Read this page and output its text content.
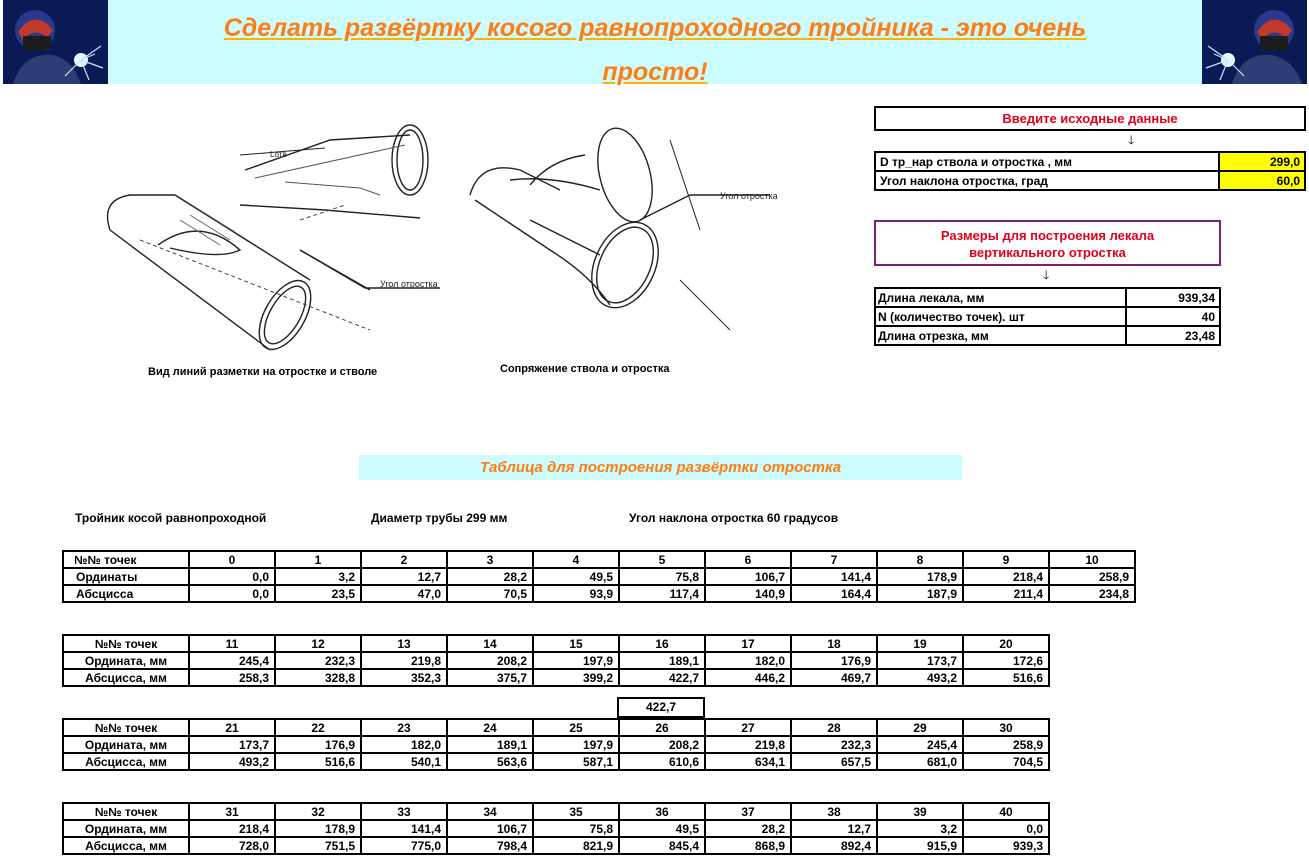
Сделать развёртку косого равнопроходного тройника - это очень
просто!
Угол отростка
Угол отростка
Lотв
Вид линий разметки на отростке и стволе	Сопряжение ствола и отростка
Введите исходные данные
🡓
D тр_нар ствола и отростка , мм	299,0
Угол наклона отростка, град	60,0
Размеры для построения лекала
вертикального отростка
🡓
Длина лекала, мм	939,34
N (количество точек). шт	40
Длина отрезка, мм	23,48
Таблица для построения развёртки отростка
Тройник косой равнопроходной	Диаметр трубы 299 мм	Угол наклона отростка 60 градусов
№№ точек	0	1	2	3	4	5	6	7	8	9	10
Ординаты	0,0	3,2	12,7	28,2	49,5	75,8	106,7	141,4	178,9	218,4	258,9
Абсцисса	0,0	23,5	47,0	70,5	93,9	117,4	140,9	164,4	187,9	211,4	234,8
№№ точек	11	12	13	14	15	16	17	18	19	20
Ордината, мм	245,4	232,3	219,8	208,2	197,9	189,1	182,0	176,9	173,7	172,6
Абсцисса, мм	258,3	328,8	352,3	375,7	399,2	422,7	446,2	469,7	493,2	516,6
422,7
№№ точек	21	22	23	24	25	26	27	28	29	30
Ордината, мм	173,7	176,9	182,0	189,1	197,9	208,2	219,8	232,3	245,4	258,9
Абсцисса, мм	493,2	516,6	540,1	563,6	587,1	610,6	634,1	657,5	681,0	704,5
№№ точек	31	32	33	34	35	36	37	38	39	40
Ордината, мм	218,4	178,9	141,4	106,7	75,8	49,5	28,2	12,7	3,2	0,0
Абсцисса, мм	728,0	751,5	775,0	798,4	821,9	845,4	868,9	892,4	915,9	939,3
